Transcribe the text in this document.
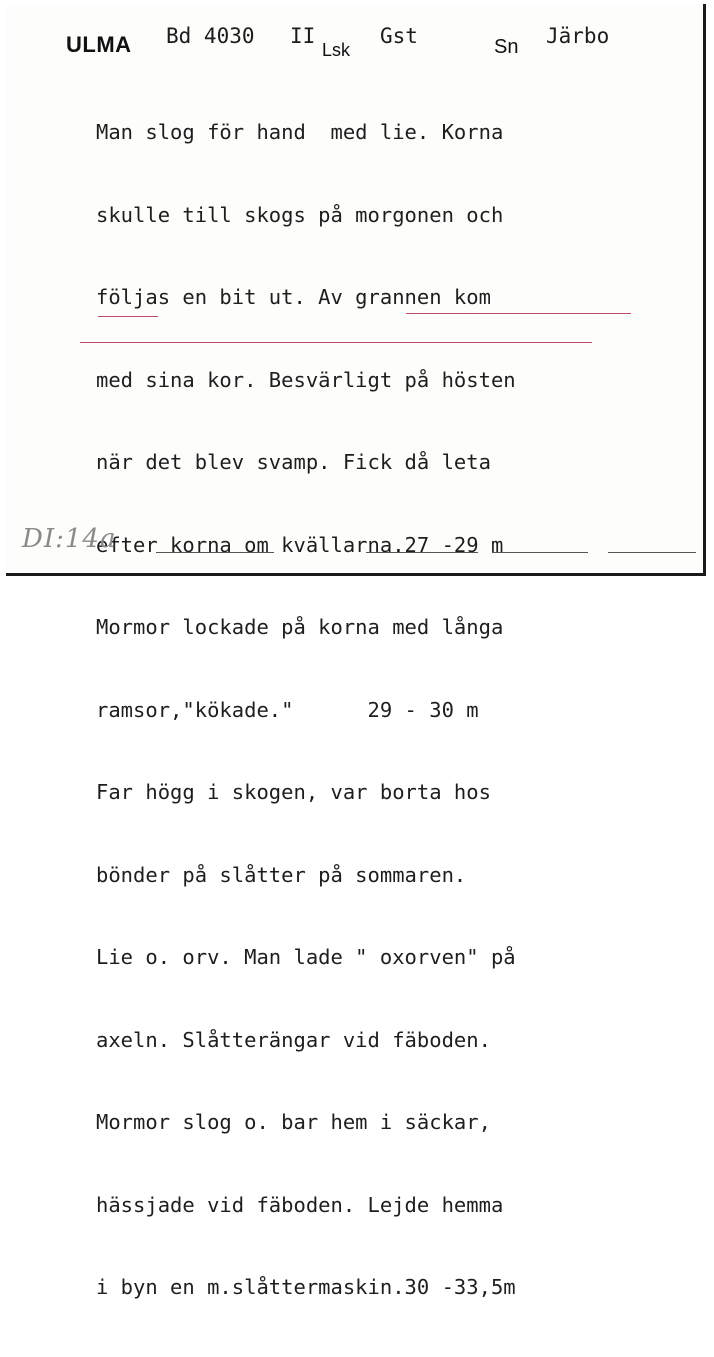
ULMA Bd 4030 II
Lsk
Gst	Sn Järbo

Man slog för hand  med lie. Korna

skulle till skogs på morgonen och

följas en bit ut. Av grannen kom

med sina kor. Besvärligt på hösten

när det blev svamp. Fick då leta

efter korna om kvällarna.27 -29 m

Mormor lockade på korna med långa

ramsor,"kökade."      29 - 30 m

Far högg i skogen, var borta hos

bönder på slåtter på sommaren.

Lie o. orv. Man lade " oxorven" på

axeln. Slåtterängar vid fäboden.

Mormor slog o. bar hem i säckar,

hässjade vid fäboden. Lejde hemma

i byn en m.slåttermaskin.30 -33,5m

DI:14a
